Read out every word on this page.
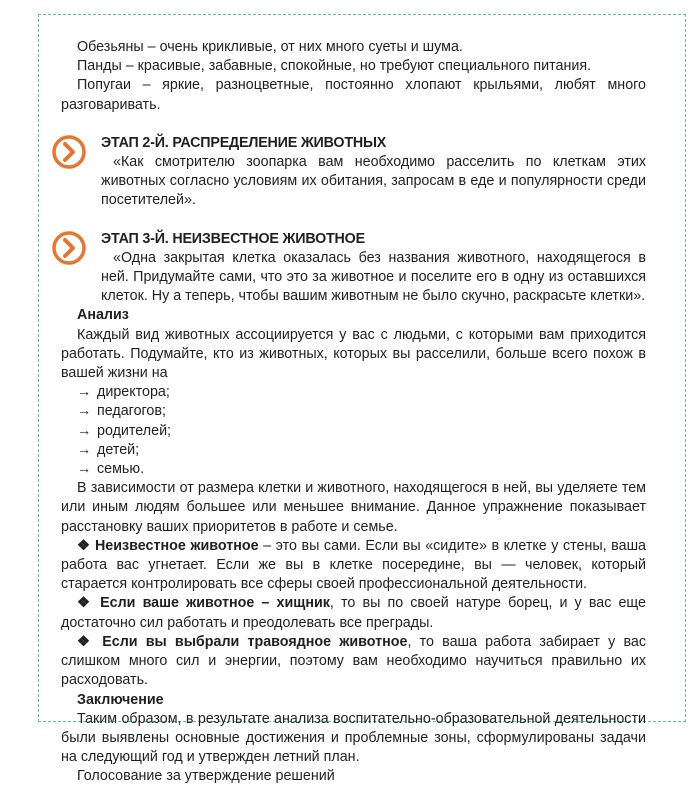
Обезьяны – очень крикливые, от них много суеты и шума.

Панды – красивые, забавные, спокойные, но требуют специального питания.

Попугаи – яркие, разноцветные, постоянно хлопают крыльями, любят много разговаривать.

ЭТАП 2-Й. РАСПРЕДЕЛЕНИЕ ЖИВОТНЫХ

«Как смотрителю зоопарка вам необходимо расселить по клеткам этих животных согласно условиям их обитания, запросам в еде и популярности среди посетителей».

ЭТАП 3-Й. НЕИЗВЕСТНОЕ ЖИВОТНОЕ

«Одна закрытая клетка оказалась без названия животного, находящегося в ней. Придумайте сами, что это за животное и поселите его в одну из оставшихся клеток. Ну а теперь, чтобы вашим животным не было скучно, раскрасьте клетки».

Анализ

Каждый вид животных ассоциируется у вас с людьми, с которыми вам приходится работать. Подумайте, кто из животных, которых вы расселили, больше всего похож в вашей жизни на

→ директора;
→ педагогов;
→ родителей;
→ детей;
→ семью.

В зависимости от размера клетки и животного, находящегося в ней, вы уделяете тем или иным людям большее или меньшее внимание. Данное упражнение показывает расстановку ваших приоритетов в работе и семье.

❖ Неизвестное животное – это вы сами. Если вы «сидите» в клетке у стены, ваша работа вас угнетает. Если же вы в клетке посередине, вы — человек, который старается контролировать все сферы своей профессиональной деятельности.

❖ Если ваше животное – хищник, то вы по своей натуре борец, и у вас еще достаточно сил работать и преодолевать все преграды.

❖ Если вы выбрали травоядное животное, то ваша работа забирает у вас слишком много сил и энергии, поэтому вам необходимо научиться правильно их расходовать.

Заключение

Таким образом, в результате анализа воспитательно-образовательной деятельности были выявлены основные достижения и проблемные зоны, сформулированы задачи на следующий год и утвержден летний план.

Голосование за утверждение решений
